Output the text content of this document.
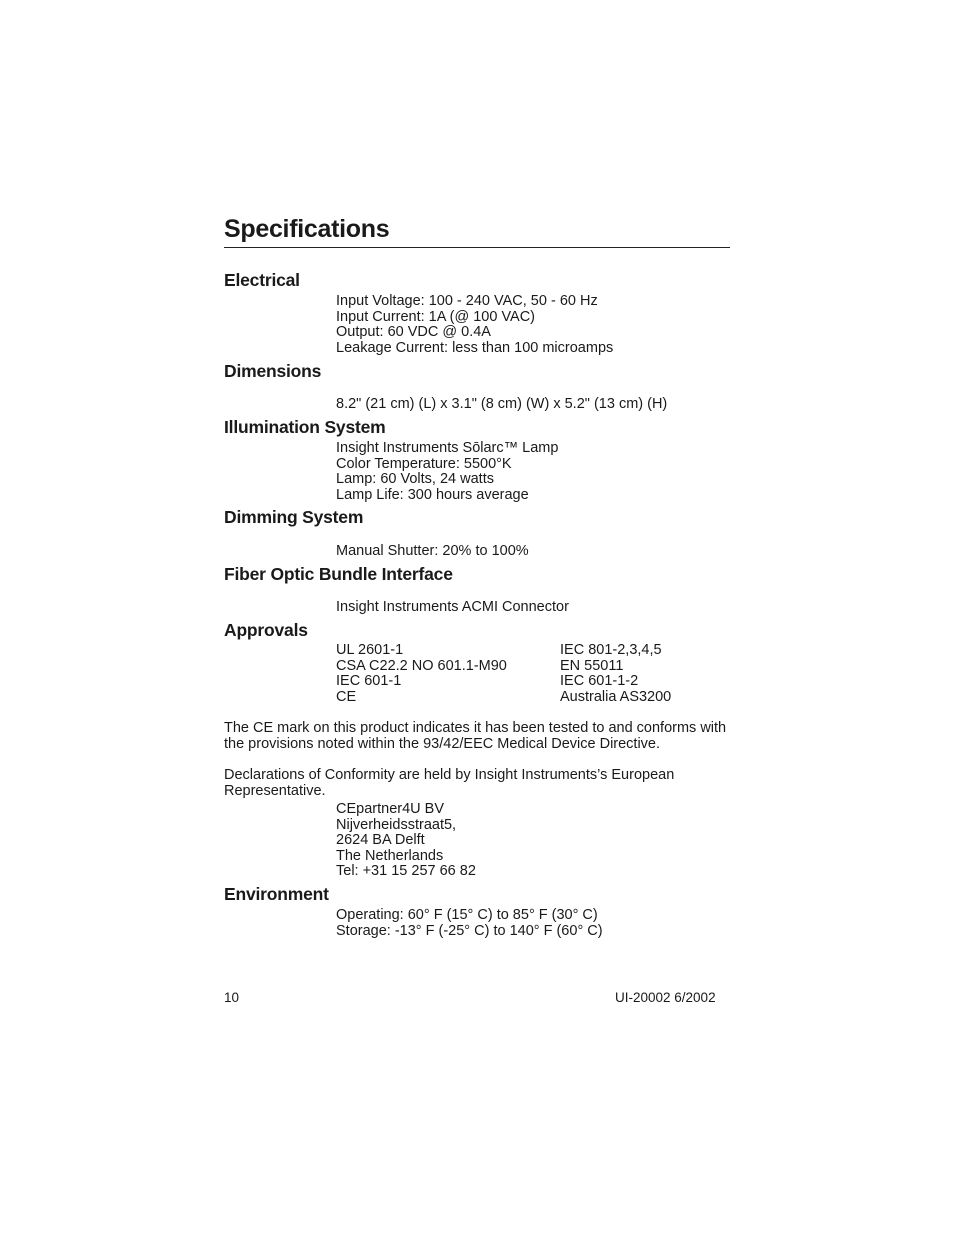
Specifications
Electrical
Input Voltage: 100 - 240 VAC, 50 - 60 Hz
Input Current: 1A (@ 100 VAC)
Output: 60 VDC @ 0.4A
Leakage Current: less than 100 microamps
Dimensions
8.2" (21 cm) (L) x 3.1" (8 cm) (W) x 5.2" (13 cm) (H)
Illumination System
Insight Instruments Sōlarc™ Lamp
Color Temperature: 5500°K
Lamp: 60 Volts, 24 watts
Lamp Life: 300 hours average
Dimming System
Manual Shutter: 20% to 100%
Fiber Optic Bundle Interface
Insight Instruments ACMI Connector
Approvals
UL 2601-1
CSA C22.2 NO 601.1-M90
IEC 601-1
CE
IEC 801-2,3,4,5
EN 55011
IEC 601-1-2
Australia AS3200
The CE mark on this product indicates it has been tested to and conforms with the provisions noted within the 93/42/EEC Medical Device Directive.
Declarations of Conformity are held by Insight Instruments’s European Representative.
CEpartner4U BV
Nijverheidsstraat5,
2624 BA Delft
The Netherlands
Tel: +31 15 257 66 82
Environment
Operating: 60° F (15° C) to 85° F (30° C)
Storage: -13° F (-25° C) to 140° F (60° C)
10	UI-20002 6/2002
